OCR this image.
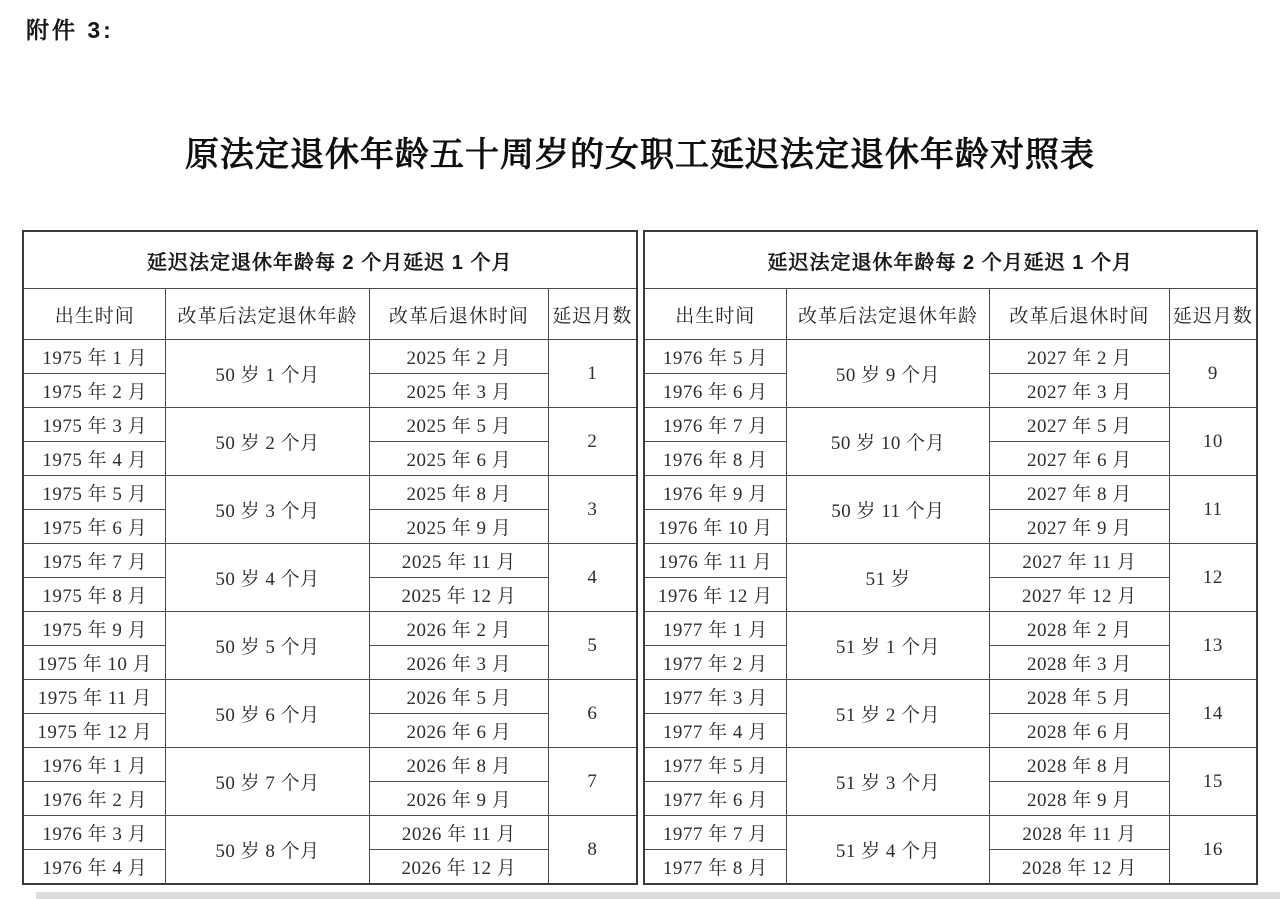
附件 3:
原法定退休年龄五十周岁的女职工延迟法定退休年龄对照表
延迟法定退休年龄每 2 个月延迟 1 个月			
出生时间	改革后法定退休年龄	改革后退休时间	延迟月数
1975 年 1 月	50 岁 1 个月	2025 年 2 月	1
1975 年 2 月		2025 年 3 月	
1975 年 3 月	50 岁 2 个月	2025 年 5 月	2
1975 年 4 月		2025 年 6 月	
1975 年 5 月	50 岁 3 个月	2025 年 8 月	3
1975 年 6 月		2025 年 9 月	
1975 年 7 月	50 岁 4 个月	2025 年 11 月	4
1975 年 8 月		2025 年 12 月	
1975 年 9 月	50 岁 5 个月	2026 年 2 月	5
1975 年 10 月		2026 年 3 月	
1975 年 11 月	50 岁 6 个月	2026 年 5 月	6
1975 年 12 月		2026 年 6 月	
1976 年 1 月	50 岁 7 个月	2026 年 8 月	7
1976 年 2 月		2026 年 9 月	
1976 年 3 月	50 岁 8 个月	2026 年 11 月	8
1976 年 4 月		2026 年 12 月	
延迟法定退休年龄每 2 个月延迟 1 个月			
出生时间	改革后法定退休年龄	改革后退休时间	延迟月数
1976 年 5 月	50 岁 9 个月	2027 年 2 月	9
1976 年 6 月		2027 年 3 月	
1976 年 7 月	50 岁 10 个月	2027 年 5 月	10
1976 年 8 月		2027 年 6 月	
1976 年 9 月	50 岁 11 个月	2027 年 8 月	11
1976 年 10 月		2027 年 9 月	
1976 年 11 月	51 岁	2027 年 11 月	12
1976 年 12 月		2027 年 12 月	
1977 年 1 月	51 岁 1 个月	2028 年 2 月	13
1977 年 2 月		2028 年 3 月	
1977 年 3 月	51 岁 2 个月	2028 年 5 月	14
1977 年 4 月		2028 年 6 月	
1977 年 5 月	51 岁 3 个月	2028 年 8 月	15
1977 年 6 月		2028 年 9 月	
1977 年 7 月	51 岁 4 个月	2028 年 11 月	16
1977 年 8 月		2028 年 12 月	
